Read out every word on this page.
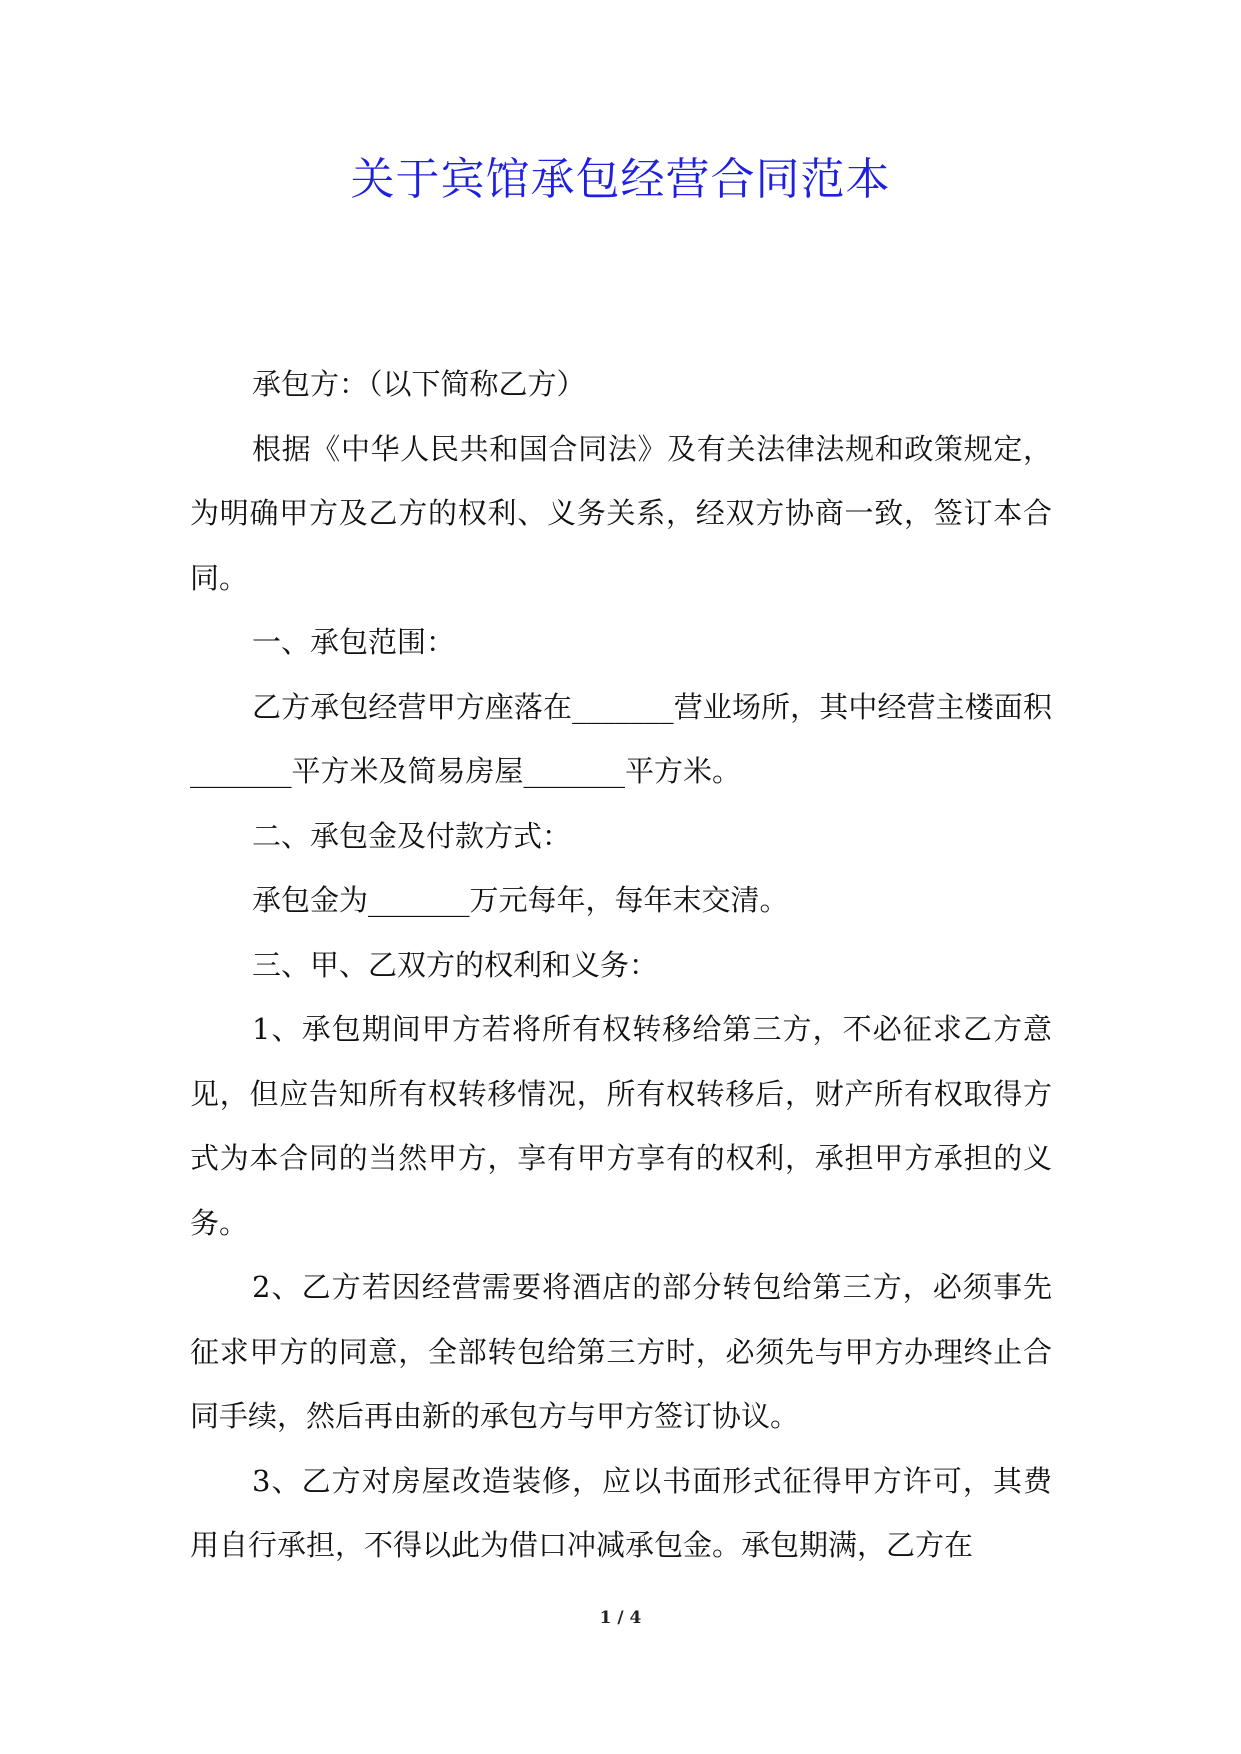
关于宾馆承包经营合同范本

承包方：（以下简称乙方）

根据《中华人民共和国合同法》及有关法律法规和政策规定，为明确甲方及乙方的权利、义务关系，经双方协商一致，签订本合同。

一、承包范围：

乙方承包经营甲方座落在_______营业场所，其中经营主楼面积_______平方米及简易房屋_______平方米。

二、承包金及付款方式：

承包金为_______万元每年，每年末交清。

三、甲、乙双方的权利和义务：

1、承包期间甲方若将所有权转移给第三方，不必征求乙方意见，但应告知所有权转移情况，所有权转移后，财产所有权取得方式为本合同的当然甲方，享有甲方享有的权利，承担甲方承担的义务。

2、乙方若因经营需要将酒店的部分转包给第三方，必须事先征求甲方的同意，全部转包给第三方时，必须先与甲方办理终止合同手续，然后再由新的承包方与甲方签订协议。

3、乙方对房屋改造装修，应以书面形式征得甲方许可，其费用自行承担，不得以此为借口冲减承包金。承包期满，乙方在

1 / 4
